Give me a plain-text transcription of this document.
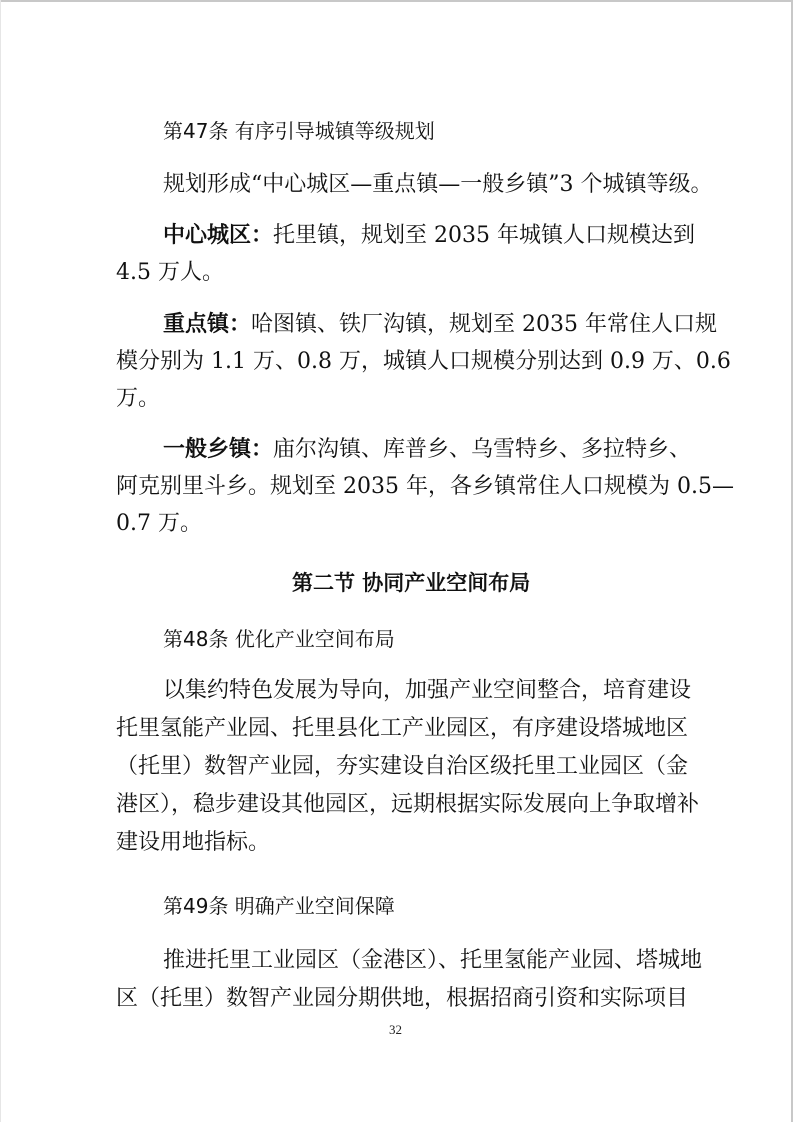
第47条 有序引导城镇等级规划
规划形成“中心城区—重点镇—一般乡镇”3 个城镇等级。
中心城区：托里镇，规划至 2035 年城镇人口规模达到
4.5 万人。
重点镇：哈图镇、铁厂沟镇，规划至 2035 年常住人口规
模分别为 1.1 万、0.8 万，城镇人口规模分别达到 0.9 万、0.6
万。
一般乡镇：庙尔沟镇、库普乡、乌雪特乡、多拉特乡、
阿克别里斗乡。规划至 2035 年，各乡镇常住人口规模为 0.5—
0.7 万。
第二节 协同产业空间布局
第48条 优化产业空间布局
以集约特色发展为导向，加强产业空间整合，培育建设
托里氢能产业园、托里县化工产业园区，有序建设塔城地区
（托里）数智产业园，夯实建设自治区级托里工业园区（金
港区），稳步建设其他园区，远期根据实际发展向上争取增补
建设用地指标。
第49条 明确产业空间保障
推进托里工业园区（金港区）、托里氢能产业园、塔城地
区（托里）数智产业园分期供地，根据招商引资和实际项目
32
